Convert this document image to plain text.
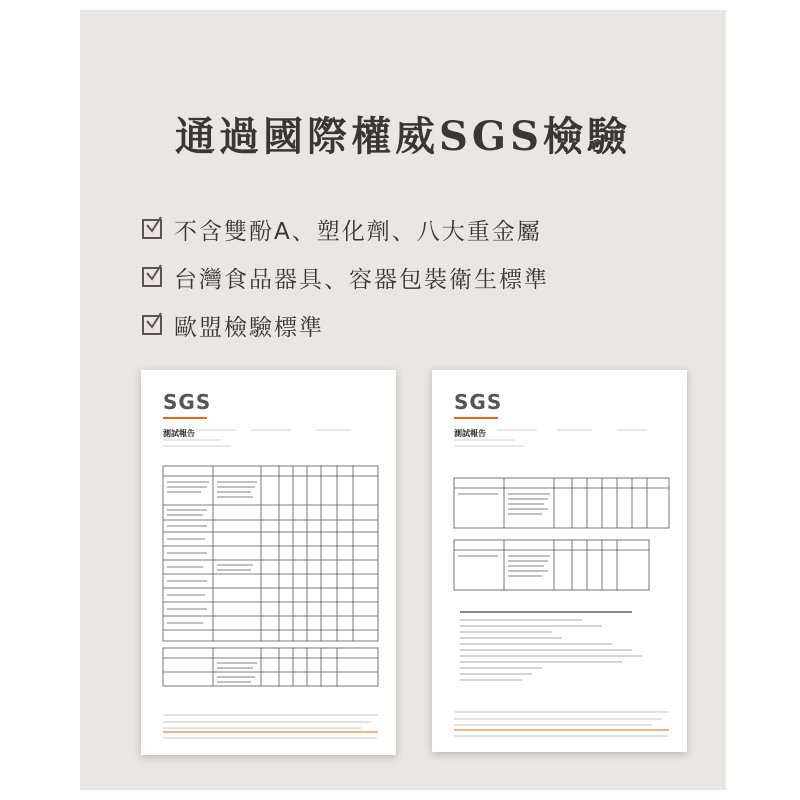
通過國際權威SGS檢驗
不含雙酚A、塑化劑、八大重金屬
台灣食品器具、容器包裝衛生標準
歐盟檢驗標準
SGS
測試報告
SGS
測試報告
